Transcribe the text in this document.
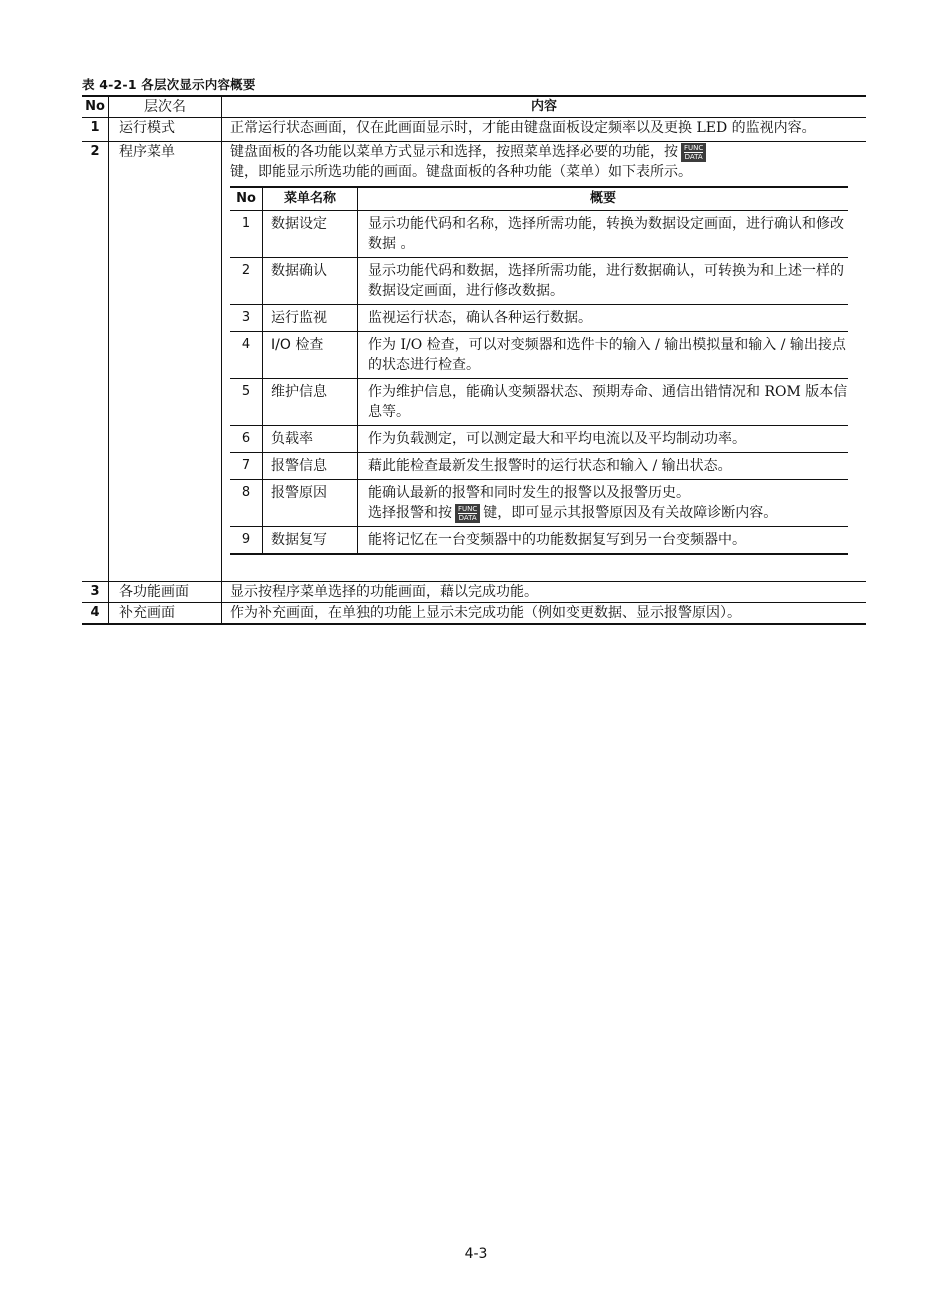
表 4-2-1 各层次显示内容概要
No	层次名	内容
1	运行模式	正常运行状态画面，仅在此画面显示时，才能由键盘面板设定频率以及更换 LED 的监视内容。
2	程序菜单	键盘面板的各功能以菜单方式显示和选择，按照菜单选择必要的功能，按 FUNC
DATA

键，即能显示所选功能的画面。键盘面板的各种功能（菜单）如下表所示。
No	菜单名称	概要
1	数据设定	显示功能代码和名称，选择所需功能，转换为数据设定画面，进行确认和修改数据 。
2	数据确认	显示功能代码和数据，选择所需功能，进行数据确认，可转换为和上述一样的数据设定画面，进行修改数据。
3	运行监视	监视运行状态，确认各种运行数据。
4	I/O 检查	作为 I/O 检查，可以对变频器和选件卡的输入 / 输出模拟量和输入 / 输出接点的状态进行检查。
5	维护信息	作为维护信息，能确认变频器状态、预期寿命、通信出错情况和 ROM 版本信息等。
6	负载率	作为负载测定，可以测定最大和平均电流以及平均制动功率。
7	报警信息	藉此能检查最新发生报警时的运行状态和输入 / 输出状态。
8	报警原因	能确认最新的报警和同时发生的报警以及报警历史。
选择报警和按 FUNC
DATA 键，即可显示其报警原因及有关故障诊断内容。

9	数据复写	能将记忆在一台变频器中的功能数据复写到另一台变频器中。

3	各功能画面	显示按程序菜单选择的功能画面，藉以完成功能。
4	补充画面	作为补充画面，在单独的功能上显示未完成功能（例如变更数据、显示报警原因）。
4-3
